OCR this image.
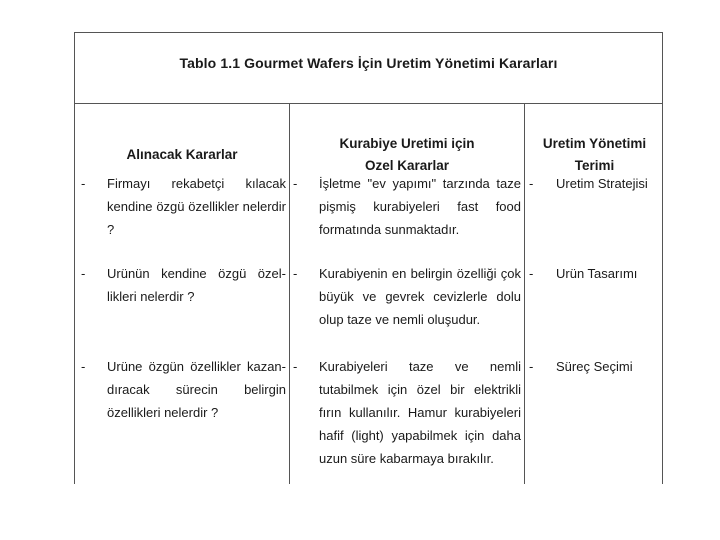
Tablo 1.1 Gourmet Wafers İçin Uretim Yönetimi Kararları
Alınacak Kararlar
Kurabiye Uretimi için
Ozel Kararlar
Uretim Yönetimi
Terimi
- Firmayı rekabetçi kılacak kendine özgü özellikler nelerdir ?
- İşletme "ev yapımı" tarzında taze pişmiş kurabiyeleri fast food formatında sunmaktadır.
- Uretim Stratejisi
- Urünün kendine özgü özel-likleri nelerdir ?
- Kurabiyenin en belirgin özelliği çok büyük ve gevrek cevizlerle dolu olup taze ve nemli oluşudur.
- Urün Tasarımı
- Urüne özgün özellikler kazan-dıracak sürecin belirgin özellikleri nelerdir ?
- Kurabiyeleri taze ve nemli tutabilmek için özel bir elektrikli fırın kullanılır. Hamur kurabiyeleri hafif (light) yapabilmek için daha uzun süre kabarmaya bırakılır.
- Süreç Seçimi
